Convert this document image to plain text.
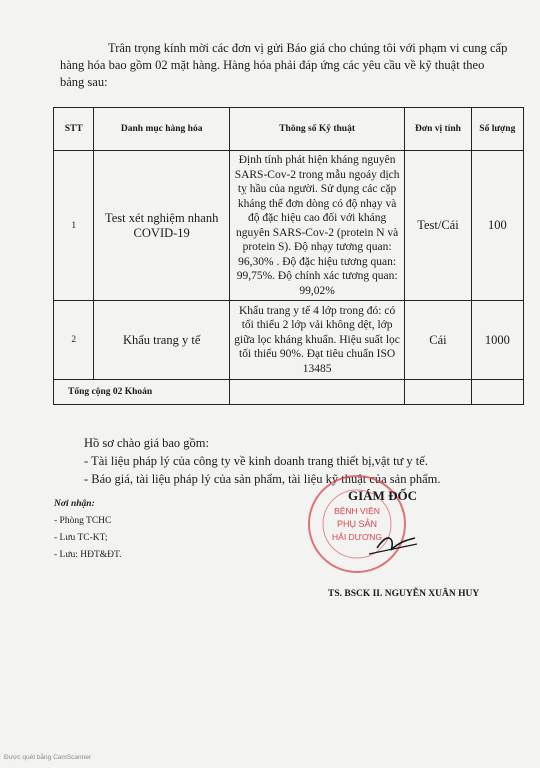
Trân trọng kính mời các đơn vị gửi Báo giá cho chúng tôi với phạm vi cung cấp hàng hóa bao gồm 02 mặt hàng. Hàng hóa phải đáp ứng các yêu cầu về kỹ thuật theo bảng sau:

STT	Danh mục hàng hóa	Thông số Kỹ thuật	Đơn vị tính	Số lượng
1	Test xét nghiệm nhanh COVID-19	Định tính phát hiện kháng nguyên SARS-Cov-2 trong mẫu ngoáy dịch tỵ hầu của người. Sử dụng các cặp kháng thể đơn dòng có độ nhạy và độ đặc hiệu cao đối với kháng nguyên SARS-Cov-2 (protein N và protein S). Độ nhạy tương quan: 96,30% . Độ đặc hiệu tương quan: 99,75%. Độ chính xác tương quan: 99,02%	Test/Cái	100
2	Khẩu trang y tế	Khẩu trang y tế 4 lớp trong đó: có tối thiểu 2 lớp vải không dệt, lớp giữa lọc kháng khuẩn. Hiệu suất lọc tối thiểu 90%. Đạt tiêu chuẩn ISO 13485	Cái	1000
Tổng cộng 02 Khoản				
Hồ sơ chào giá bao gồm:
- Tài liệu pháp lý của công ty về kinh doanh trang thiết bị,vật tư y tế.
- Báo giá, tài liệu pháp lý của sản phẩm, tài liệu kỹ thuật của sản phẩm.
Nơi nhận:
- Phòng TCHC
- Lưu TC-KT;
- Lưu: HĐT&ĐT.
BỆNH VIỆN
PHỤ SẢN
HẢI DƯƠNG
GIÁM ĐỐC
TS. BSCK II. NGUYỄN XUÂN HUY
Được quét bằng CamScanner
